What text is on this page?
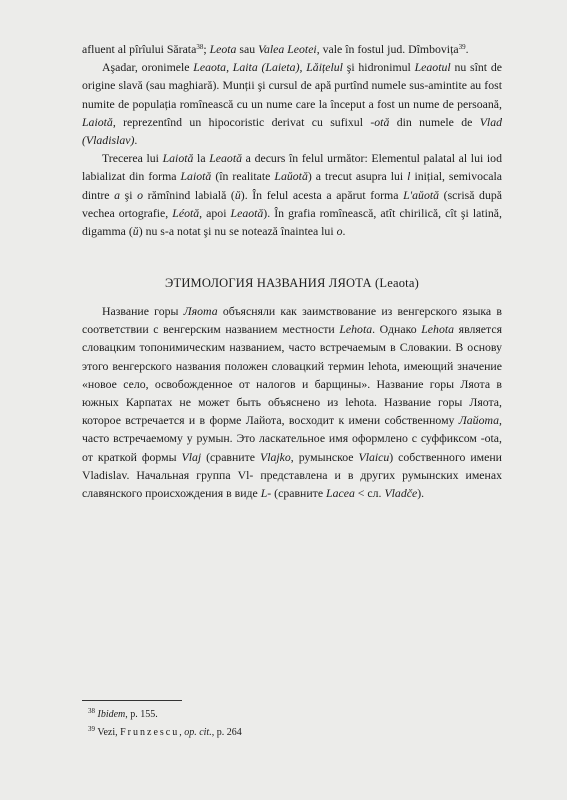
afluent al pîrîului Sărata$^{38}$; Leota sau Valea Leotei, vale în fostul jud. Dîmbovița$^{39}$.

Aşadar, oronimele Leaota, Laita (Laieta), Lăițelul şi hidronimul Leaotul nu sînt de origine slavă (sau maghiară). Munții şi cursul de apă purtînd numele sus-amintite au fost numite de populația romînească cu un nume care la început a fost un nume de persoană, Laiotă, reprezentînd un hipocoristic derivat cu sufixul -otă din numele de Vlad (Vladislav).

Trecerea lui Laiotă la Leaotă a decurs în felul următor: Elementul palatal al lui iod labializat din forma Laiotă (în realitate Laŭotă) a trecut asupra lui l inițial, semivocala dintre a şi o rămînind labială (ŭ). În felul acesta a apărut forma L'aŭotă (scrisă după vechea ortografie, Léotă, apoi Leaotă). În grafia romînească, atît chirilică, cît şi latină, digamma (ŭ) nu s-a notat şi nu se notează înaintea lui o.

ЭТИМОЛОГИЯ НАЗВАНИЯ ЛЯОТА (Leaota)

Название горы Ляота объясняли как заимствование из венгерского языка в соответствии с венгерским названием местности Lehota. Однако Lehota является словацким топонимическим названием, часто встречаемым в Словакии. В основу этого венгерского названия положен словацкий термин lehota, имеющий значение «новое село, освобожденное от налогов и барщины». Название горы Ляота в южных Карпатах не может быть объяснено из lehota. Название горы Ляота, которое встречается и в форме Лайота, восходит к имени собственному Лайота, часто встречаемому у румын. Это ласкательное имя оформлено с суффиксом -ota, от краткой формы Vlaj (сравните Vlajko, румынское Vlaicu) собственного имени Vladislav. Начальная группа Vl- представлена и в других румынских именах славянского происхождения в виде L- (сравните Lacea < сл. Vladče).

$^{38}$ Ibidem, p. 155.

$^{39}$ Vezi, Frunzescu, op. cit., p. 264
